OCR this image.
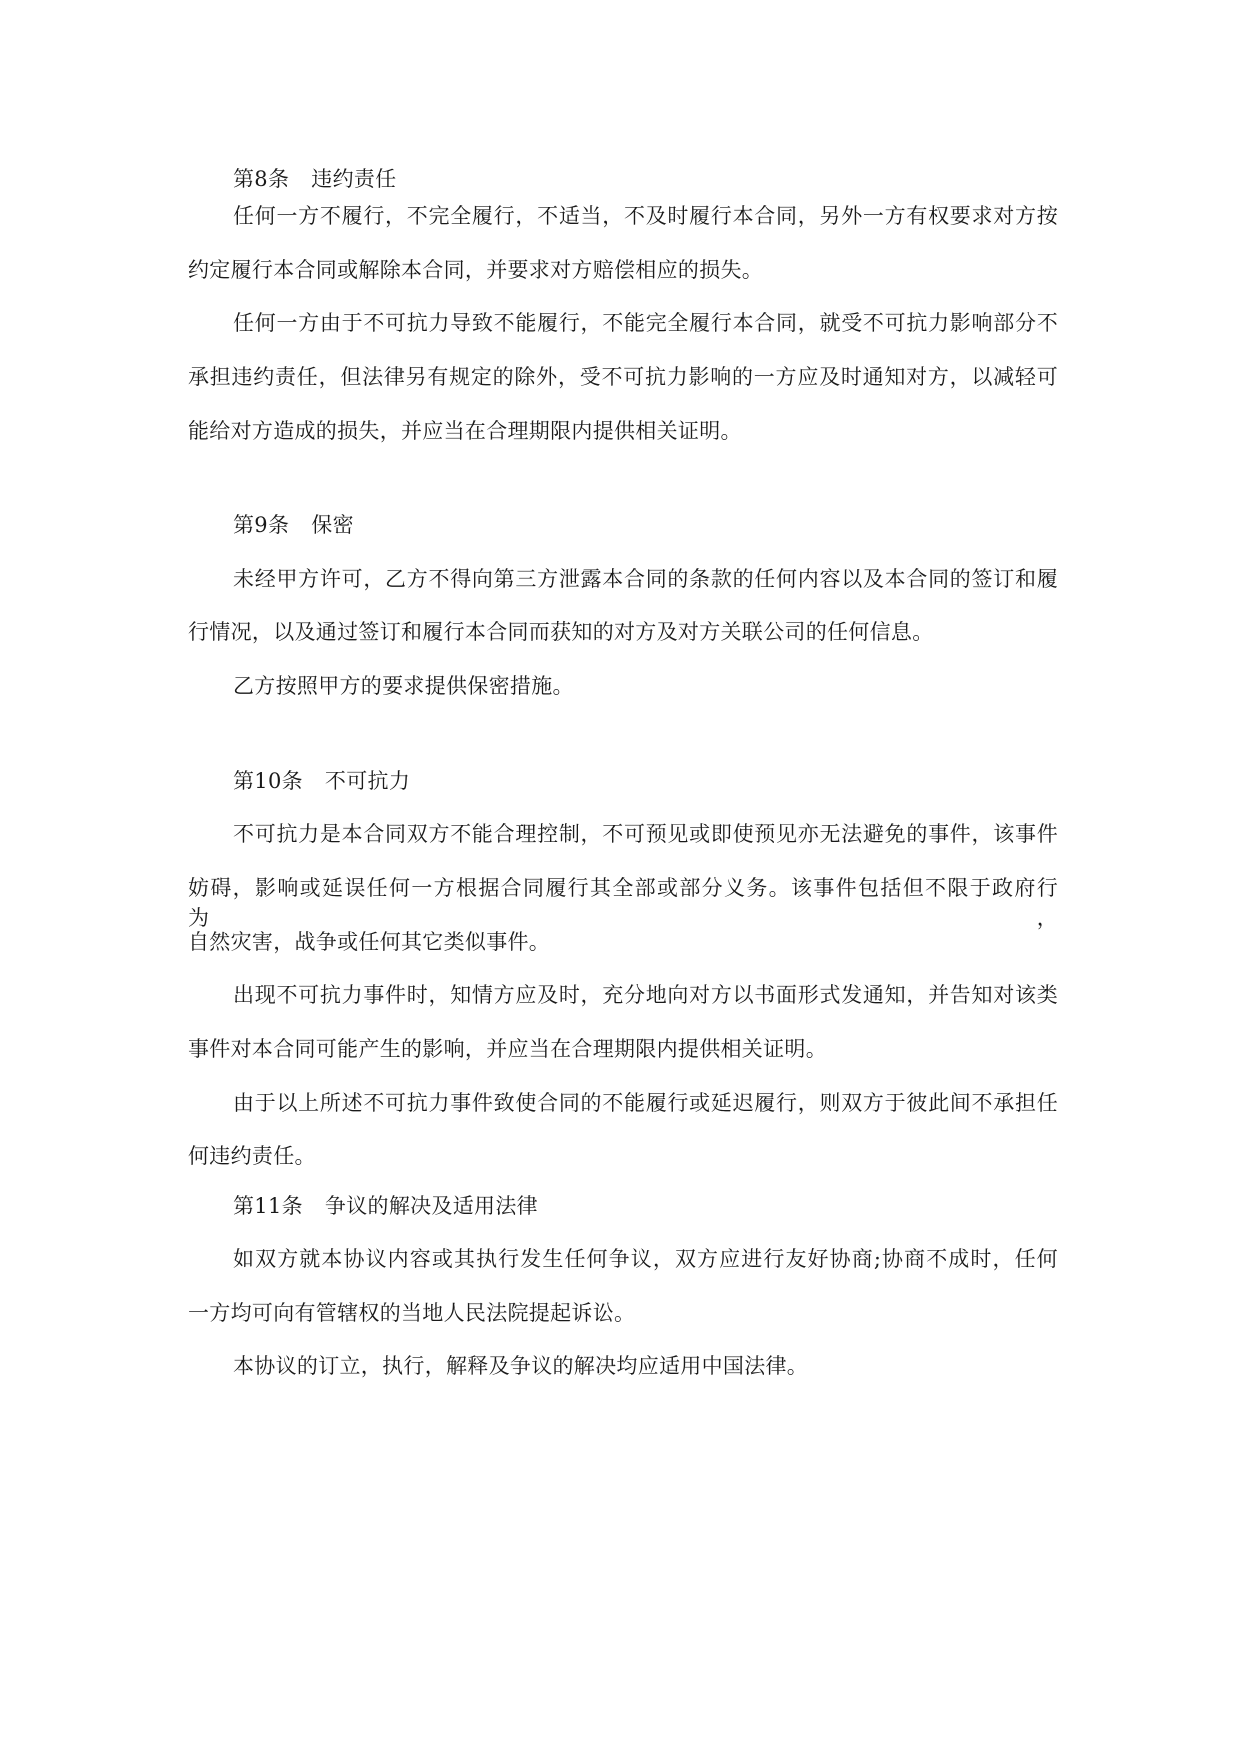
第8条 违约责任
任何一方不履行，不完全履行，不适当，不及时履行本合同，另外一方有权要求对方按
约定履行本合同或解除本合同，并要求对方赔偿相应的损失。
任何一方由于不可抗力导致不能履行，不能完全履行本合同，就受不可抗力影响部分不
承担违约责任，但法律另有规定的除外，受不可抗力影响的一方应及时通知对方，以减轻可
能给对方造成的损失，并应当在合理期限内提供相关证明。
第9条 保密
未经甲方许可，乙方不得向第三方泄露本合同的条款的任何内容以及本合同的签订和履
行情况，以及通过签订和履行本合同而获知的对方及对方关联公司的任何信息。
乙方按照甲方的要求提供保密措施。
第10条 不可抗力
不可抗力是本合同双方不能合理控制，不可预见或即使预见亦无法避免的事件，该事件
妨碍，影响或延误任何一方根据合同履行其全部或部分义务。该事件包括但不限于政府行为，
自然灾害，战争或任何其它类似事件。
出现不可抗力事件时，知情方应及时，充分地向对方以书面形式发通知，并告知对该类
事件对本合同可能产生的影响，并应当在合理期限内提供相关证明。
由于以上所述不可抗力事件致使合同的不能履行或延迟履行，则双方于彼此间不承担任
何违约责任。
第11条 争议的解决及适用法律
如双方就本协议内容或其执行发生任何争议，双方应进行友好协商;协商不成时，任何
一方均可向有管辖权的当地人民法院提起诉讼。
本协议的订立，执行，解释及争议的解决均应适用中国法律。
